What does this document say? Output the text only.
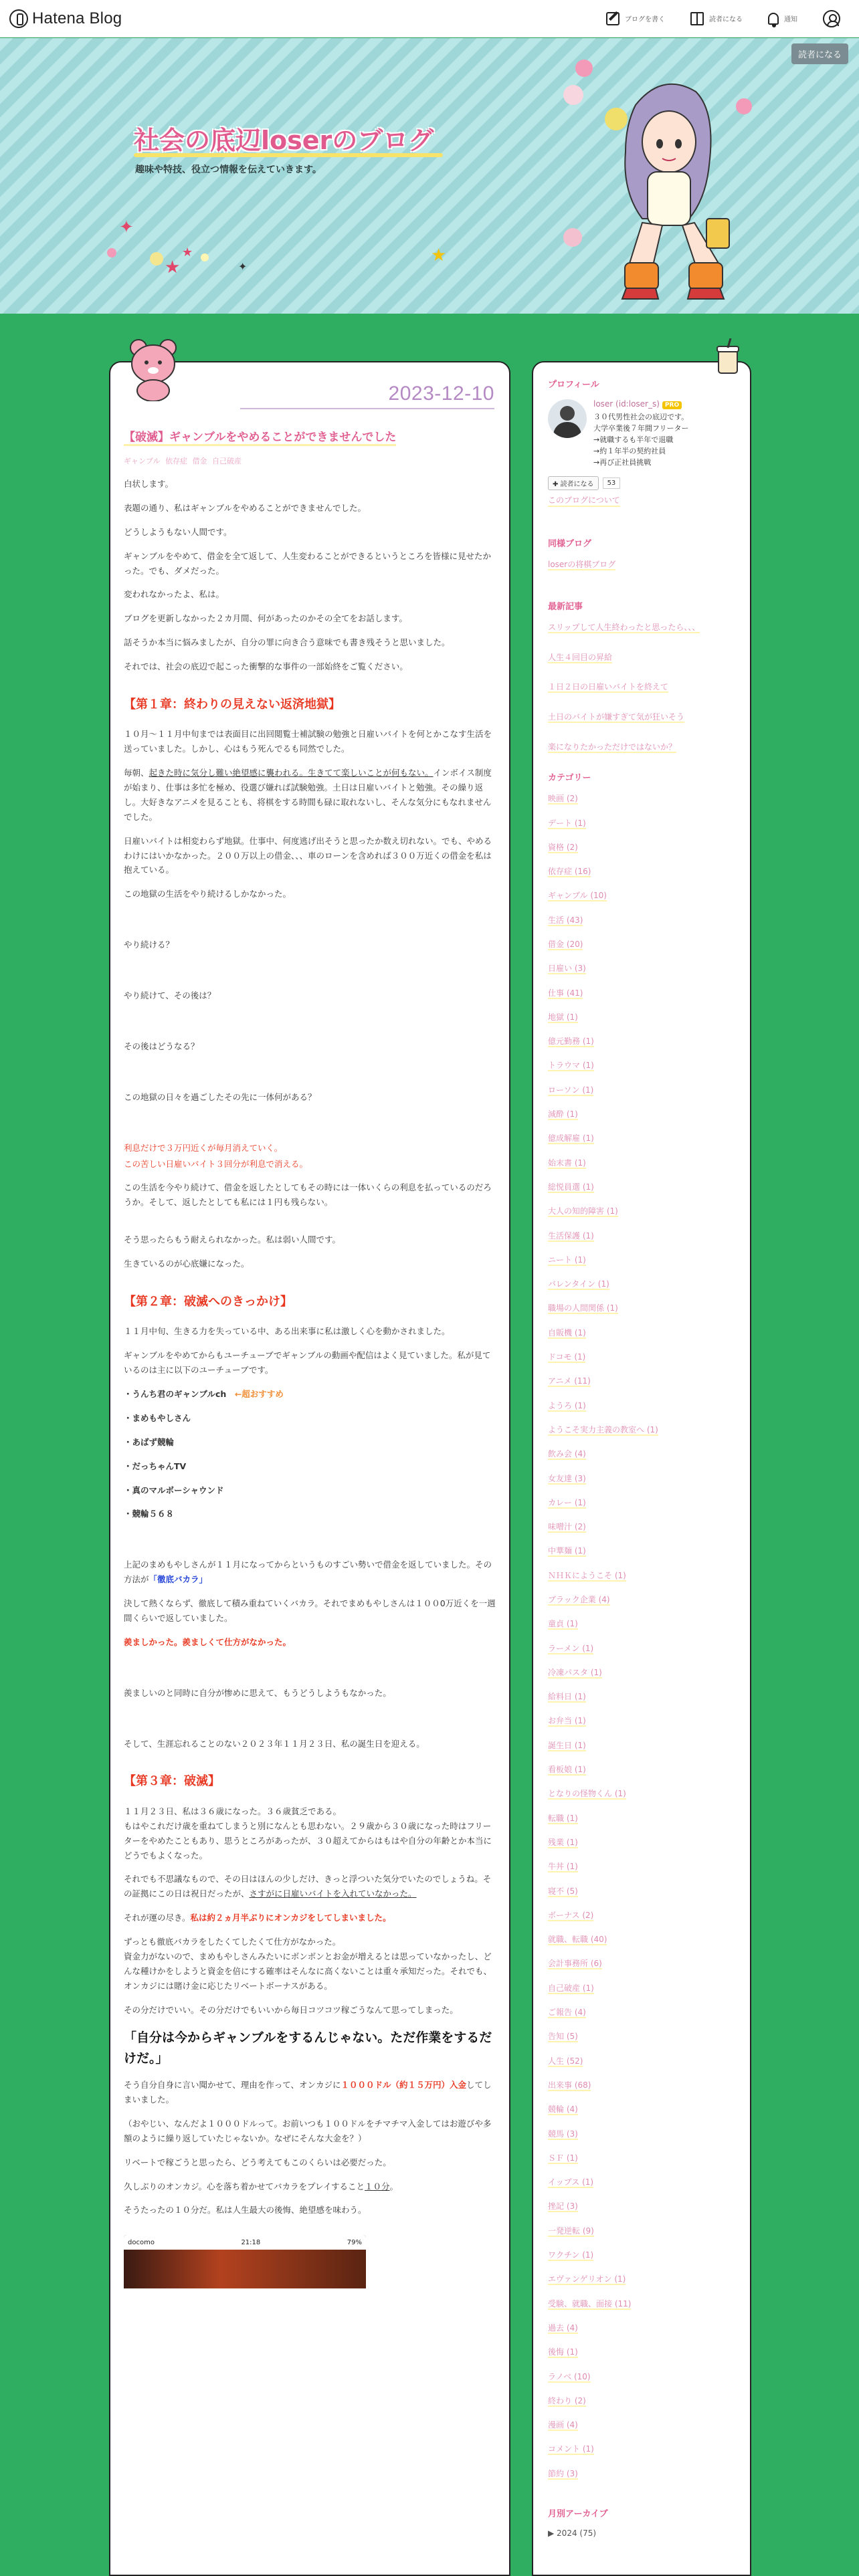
Hatena Blog	ブログを書く	読者になる	通知
読者になる
社会の底辺loserのブログ
趣味や特技、役立つ情報を伝えていきます。
✦
★
★
✦
★
2023-12-10
【破滅】ギャンブルをやめることができませんでした
ギャンブル 依存症 借金 自己破産

白状します。

表題の通り、私はギャンブルをやめることができませんでした。

どうしようもない人間です。

ギャンブルをやめて、借金を全て返して、人生変わることができるというところを皆様に見せたかった。でも、ダメだった。

変われなかったよ、私は。

ブログを更新しなかった２カ月間、何があったのかその全てをお話します。

話そうか本当に悩みましたが、自分の罪に向き合う意味でも書き残そうと思いました。

それでは、社会の底辺で起こった衝撃的な事件の一部始終をご覧ください。

【第１章：終わりの見えない返済地獄】

１０月～１１月中旬までは表面目に出回閲覧士補試験の勉強と日雇いバイトを何とかこなす生活を送っていました。しかし、心はもう死んでるも同然でした。

毎朝、起きた時に気分し難い絶望感に襲われる。生きてて楽しいことが何もない。インボイス制度が始まり、仕事は多忙を極め、役選び嫌れば試験勉強。土日は日雇いバイトと勉強。その繰り返し。大好きなアニメを見ることも、将棋をする時間も碌に取れないし、そんな気分にもなれませんでした。

日雇いバイトは相変わらず地獄。仕事中、何度逃げ出そうと思ったか数え切れない。でも、やめるわけにはいかなかった。２００万以上の借金、、、車のローンを含めれば３００万近くの借金を私は抱えている。

この地獄の生活をやり続けるしかなかった。

やり続ける？

やり続けて、その後は？

その後はどうなる？

この地獄の日々を過ごしたその先に一体何がある？

利息だけで３万円近くが毎月消えていく。

この苦しい日雇いバイト３回分が利息で消える。

この生活を今やり続けて、借金を返したとしてもその時には一体いくらの利息を払っているのだろうか。そして、返したとしても私には１円も残らない。

そう思ったらもう耐えられなかった。私は弱い人間です。

生きているのが心底嫌になった。

【第２章：破滅へのきっかけ】

１１月中旬、生きる力を失っている中、ある出来事に私は激しく心を動かされました。

ギャンブルをやめてからもユーチューブでギャンブルの動画や配信はよく見ていました。私が見ているのは主に以下のユーチューブです。

・うんち君のギャンブルch　 ←超おすすめ

・まめもやしさん

・あばず競輪

・だっちゃんTV

・真のマルボーシャウンド

・競輪５６８

上記のまめもやしさんが１１月になってからというものすごい勢いで借金を返していました。その方法が「徹底バカラ」

決して熱くならず、徹底して積み重ねていくバカラ。それでまめもやしさんは１００0万近くを一週間くらいで返していました。

羨ましかった。羨ましくて仕方がなかった。

羨ましいのと同時に自分が惨めに思えて、もうどうしようもなかった。

そして、生涯忘れることのない２０２３年１１月２３日、私の誕生日を迎える。

【第３章：破滅】

１１月２３日、私は３６歳になった。３６歳貧乏である。

もはやこれだけ歳を重ねてしまうと別になんとも思わない。２９歳から３０歳になった時はフリーターをやめたこともあり、思うところがあったが、３０超えてからはもはや自分の年齢とか本当にどうでもよくなった。

それでも不思議なもので、その日はほんの少しだけ、きっと浮ついた気分でいたのでしょうね。その証拠にこの日は祝日だったが、さすがに日雇いバイトを入れていなかった。

それが運の尽き。私は約２ヵ月半ぶりにオンカジをしてしまいました。

ずっとも徹底バカラをしたくてしたくて仕方がなかった。

資金力がないので、まめもやしさんみたいにボンボンとお金が増えるとは思っていなかったし、どんな種けかをしようと資金を倍にする確率はそんなに高くないことは重々承知だった。それでも、オンカジには賭け金に応じたリベートボーナスがある。

その分だけでいい。その分だけでもいいから毎日コツコツ稼ごうなんて思ってしまった。

「自分は今からギャンブルをするんじゃない。ただ作業をするだけだ。」

そう自分自身に言い聞かせて、理由を作って、オンカジに１０００ドル（約１５万円）入金してしまいました。

（おやじい、なんだよ１０００ドルって。お前いつも１００ドルをチマチマ入金してはお遊びや多額のように繰り返していたじゃないか。なぜにそんな大金を？）

リベートで稼ごうと思ったら、どう考えてもこのくらいは必要だった。

久しぶりのオンカジ。心を落ち着かせてバカラをプレイすること１０分。

そうたったの１０分だ。私は人生最大の後悔、絶望感を味わう。

docomo	21:18	79%
プロフィール
loser (id:loser_s) PRO
３０代男性社会の底辺です。
大学卒業後７年間フリーター
→就職するも半年で退職
→約１年半の契約社員
→再び正社員挑戦
✚ 読者になる	53
このブログについて
同様ブログ
loserの将棋ブログ
最新記事
スリップして人生終わったと思ったら、、、
人生４回目の昇給
１日２日の日雇いバイトを終えて
土日のバイトが嫌すぎて気が狂いそう
楽になりたかっただけではないか？
カテゴリー
映画 (2)
デート (1)
資格 (2)
依存症 (16)
ギャンブル (10)
生活 (43)
借金 (20)
日雇い (3)
仕事 (41)
地獄 (1)
億元勤務 (1)
トラウマ (1)
ローソン (1)
減酔 (1)
億成解雇 (1)
始末書 (1)
総悦員選 (1)
大人の知的障害 (1)
生活保護 (1)
ニート (1)
バレンタイン (1)
職場の人間関係 (1)
自販機 (1)
ドコモ (1)
アニメ (11)
ようろ (1)
ようこそ実力主義の教室へ (1)
飲み会 (4)
女友達 (3)
カレー (1)
味噌汁 (2)
中華麺 (1)
ＮＨＫにようこそ (1)
ブラック企業 (4)
童貞 (1)
ラーメン (1)
冷凍パスタ (1)
給料日 (1)
お弁当 (1)
誕生日 (1)
看板娘 (1)
となりの怪物くん (1)
転職 (1)
残業 (1)
牛丼 (1)
寝不 (5)
ボーナス (2)
就職、転職 (40)
会計事務所 (6)
自己破産 (1)
ご報告 (4)
告知 (5)
人生 (52)
出来事 (68)
競輪 (4)
競馬 (3)
ＳＦ (1)
イップス (1)
挫記 (3)
一発逆転 (9)
ワクチン (1)
エヴァンゲリオン (1)
受験、就職、面接 (11)
過去 (4)
後悔 (1)
ラノベ (10)
終わり (2)
漫画 (4)
コメント (1)
節約 (3)
月別アーカイブ
▶ 2024 (75)
